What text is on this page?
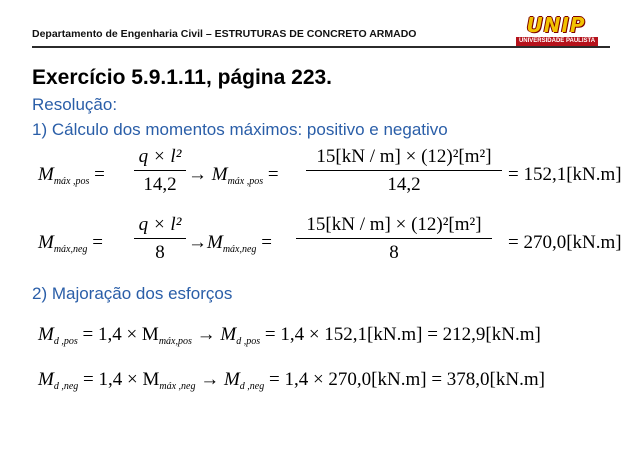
Departamento de Engenharia Civil – ESTRUTURAS DE CONCRETO ARMADO	UNIP
UNIVERSIDADE PAULISTA
Exercício 5.9.1.11, página 223.
Resolução:
1) Cálculo dos momentos máximos: positivo e negativo
$M_{máx ,pos}$ =
q × l²
$14,2 \to M_{máx ,pos}$ =
15[kN / m] × (12)²[m²]
14,2	= 152,1[kN.m]
$M_{máx,neg}$ =
q × l²
8	$\to M_{máx,neg}$ =
15[kN / m] × (12)²[m²]
8	= 270,0[kN.m]
2) Majoração dos esforços
$M_{d ,pos} = 1,4 \times M_{máx,pos} \to M_{d ,pos} = 1,4 \times 152,1[kN.m] = 212,9[kN.m]$
$M_{d ,neg} = 1,4 \times M_{máx ,neg} \to M_{d ,neg} = 1,4 \times 270,0[kN.m] = 378,0[kN.m]$
